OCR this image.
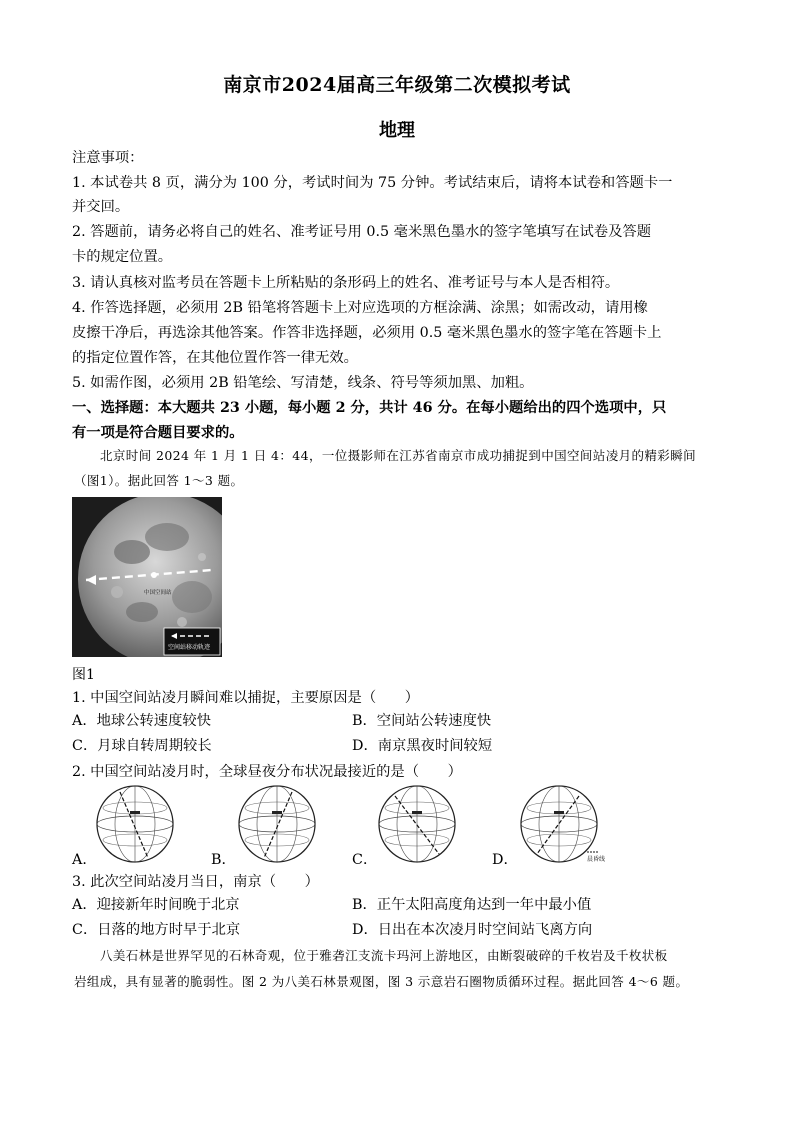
南京市2024届高三年级第二次模拟考试
地理
注意事项：
1. 本试卷共 8 页，满分为 100 分，考试时间为 75 分钟。考试结束后，请将本试卷和答题卡一
并交回。
2. 答题前，请务必将自己的姓名、准考证号用 0.5 毫米黑色墨水的签字笔填写在试卷及答题
卡的规定位置。
3. 请认真核对监考员在答题卡上所粘贴的条形码上的姓名、准考证号与本人是否相符。
4. 作答选择题，必须用 2B 铅笔将答题卡上对应选项的方框涂满、涂黑；如需改动，请用橡
皮擦干净后，再选涂其他答案。作答非选择题，必须用 0.5 毫米黑色墨水的签字笔在答题卡上
的指定位置作答，在其他位置作答一律无效。
5. 如需作图，必须用 2B 铅笔绘、写清楚，线条、符号等须加黑、加粗。
一、选择题：本大题共 23 小题，每小题 2 分，共计 46 分。在每小题给出的四个选项中，只
有一项是符合题目要求的。
北京时间 2024 年 1 月 1 日 4：44，一位摄影师在江苏省南京市成功捕捉到中国空间站凌月的精彩瞬间
（图1）。据此回答 1～3 题。
中国空间站
空间站移动轨迹
图1
1. 中国空间站凌月瞬间难以捕捉，主要原因是（　　）
A．地球公转速度较快	B．空间站公转速度快
C．月球自转周期较长	D．南京黑夜时间较短
2. 中国空间站凌月时，全球昼夜分布状况最接近的是（　　）
晨昏线
A．	B．	C．	D．
3. 此次空间站凌月当日，南京（　　）
A．迎接新年时间晚于北京	B．正午太阳高度角达到一年中最小值
C．日落的地方时早于北京	D．日出在本次凌月时空间站飞离方向
八美石林是世界罕见的石林奇观，位于雅砻江支流卡玛河上游地区，由断裂破碎的千枚岩及千枚状板
岩组成，具有显著的脆弱性。图 2 为八美石林景观图，图 3 示意岩石圈物质循环过程。据此回答 4～6 题。
